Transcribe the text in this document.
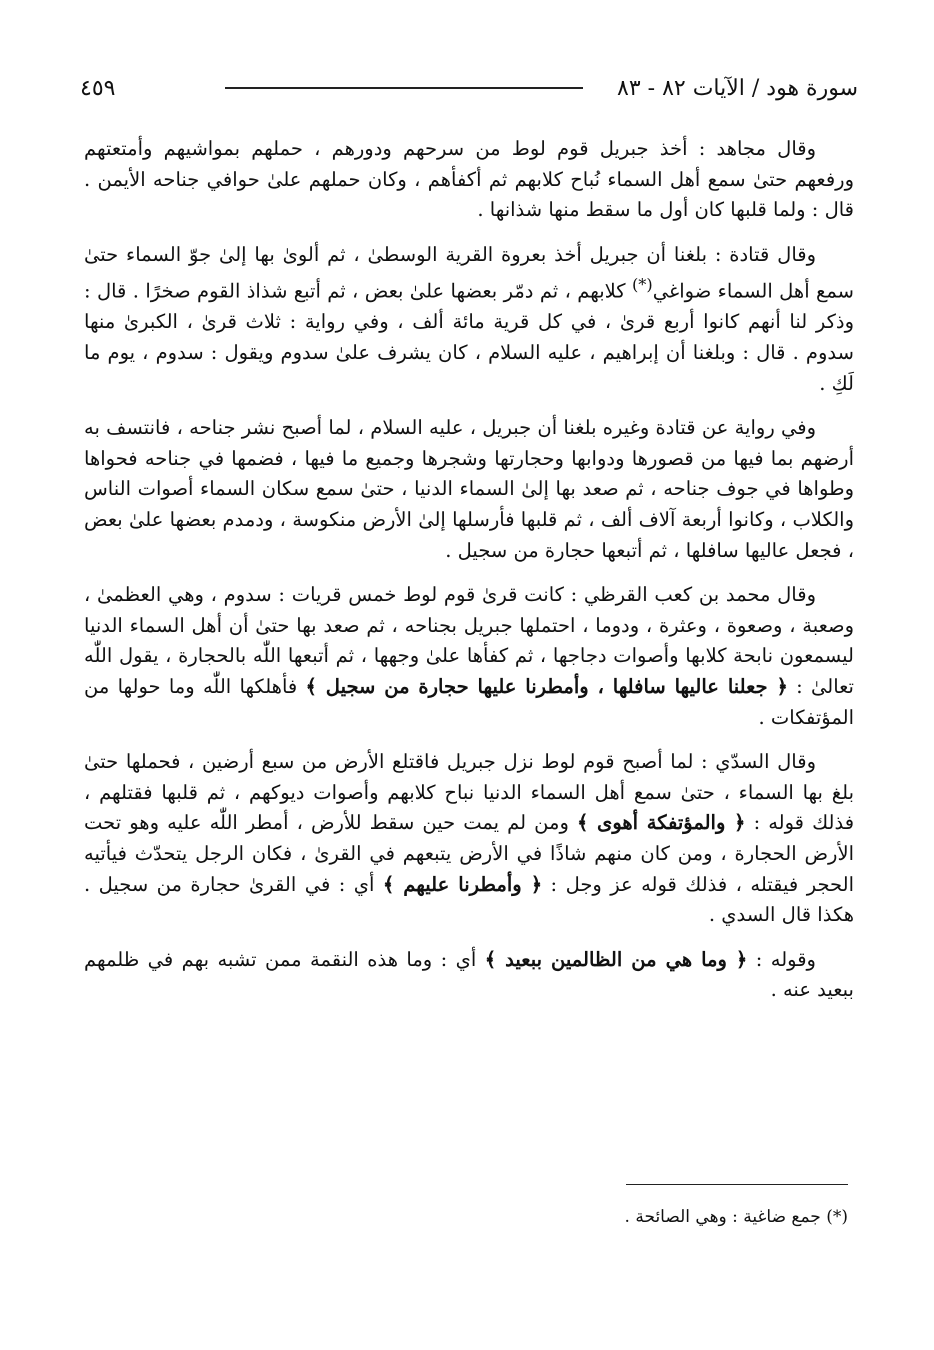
سورة هود / الآيات ٨٢ - ٨٣
٤٥٩

وقال مجاهد : أخذ جبريل قوم لوط من سرحهم ودورهم ، حملهم بمواشيهم وأمتعتهم ورفعهم حتىٰ سمع أهل السماء نُباح كلابهم ثم أكفأهم ، وكان حملهم علىٰ حوافي جناحه الأيمن . قال : ولما قلبها كان أول ما سقط منها شذانها .

وقال قتادة : بلغنا أن جبريل أخذ بعروة القرية الوسطىٰ ، ثم ألوىٰ بها إلىٰ جوّ السماء حتىٰ سمع أهل السماء ضواغي(*) كلابهم ، ثم دمّر بعضها علىٰ بعض ، ثم أتبع شذاذ القوم صخرًا . قال : وذكر لنا أنهم كانوا أربع قرىٰ ، في كل قرية مائة ألف ، وفي رواية : ثلاث قرىٰ ، الكبرىٰ منها سدوم . قال : وبلغنا أن إبراهيم ، عليه السلام ، كان يشرف علىٰ سدوم ويقول : سدوم ، يوم ما لَكِ .

وفي رواية عن قتادة وغيره بلغنا أن جبريل ، عليه السلام ، لما أصبح نشر جناحه ، فانتسف به أرضهم بما فيها من قصورها ودوابها وحجارتها وشجرها وجميع ما فيها ، فضمها في جناحه فحواها وطواها في جوف جناحه ، ثم صعد بها إلىٰ السماء الدنيا ، حتىٰ سمع سكان السماء أصوات الناس والكلاب ، وكانوا أربعة آلاف ألف ، ثم قلبها فأرسلها إلىٰ الأرض منكوسة ، ودمدم بعضها علىٰ بعض ، فجعل عاليها سافلها ، ثم أتبعها حجارة من سجيل .

وقال محمد بن كعب القرظي : كانت قرىٰ قوم لوط خمس قريات : سدوم ، وهي العظمىٰ ، وصعبة ، وصعوة ، وعثرة ، ودوما ، احتملها جبريل بجناحه ، ثم صعد بها حتىٰ أن أهل السماء الدنيا ليسمعون نابحة كلابها وأصوات دجاجها ، ثم كفأها علىٰ وجهها ، ثم أتبعها اللّٰه بالحجارة ، يقول اللّٰه تعالىٰ : ﴿ جعلنا عاليها سافلها ، وأمطرنا عليها حجارة من سجيل ﴾ فأهلكها اللّٰه وما حولها من المؤتفكات .

وقال السدّي : لما أصبح قوم لوط نزل جبريل فاقتلع الأرض من سبع أرضين ، فحملها حتىٰ بلغ بها السماء ، حتىٰ سمع أهل السماء الدنيا نباح كلابهم وأصوات ديوكهم ، ثم قلبها فقتلهم ، فذلك قوله : ﴿ والمؤتفكة أهوى ﴾ ومن لم يمت حين سقط للأرض ، أمطر اللّٰه عليه وهو تحت الأرض الحجارة ، ومن كان منهم شاذًا في الأرض يتبعهم في القرىٰ ، فكان الرجل يتحدّث فيأتيه الحجر فيقتله ، فذلك قوله عز وجل : ﴿ وأمطرنا عليهم ﴾ أي : في القرىٰ حجارة من سجيل . هكذا قال السدي .

وقوله : ﴿ وما هي من الظالمين ببعيد ﴾ أي : وما هذه النقمة ممن تشبه بهم في ظلمهم ببعيد عنه .

(*) جمع ضاغية : وهي الصائحة .
